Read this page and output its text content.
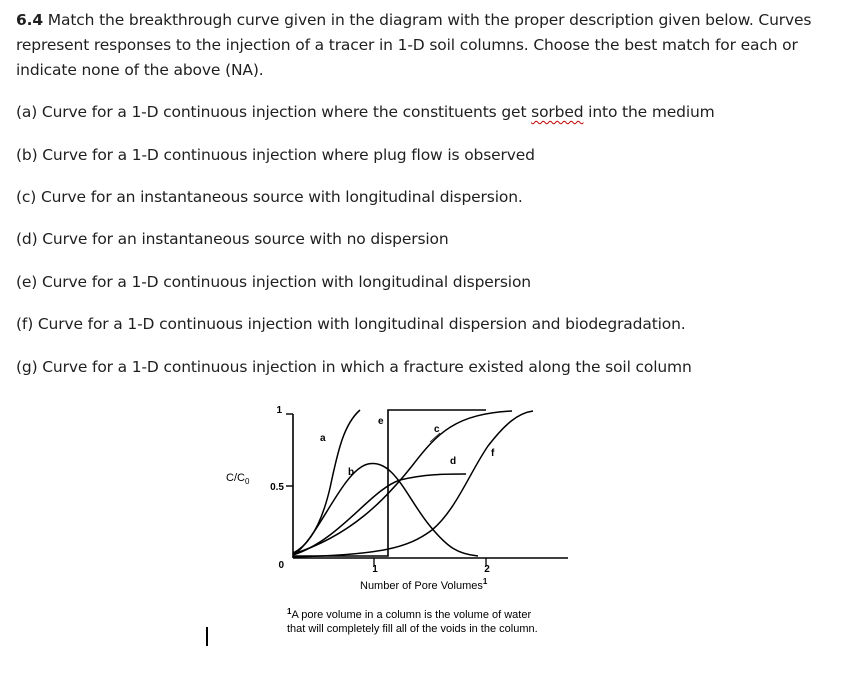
6.4 Match the breakthrough curve given in the diagram with the proper description given below. Curves represent responses to the injection of a tracer in 1-D soil columns. Choose the best match for each or indicate none of the above (NA).
(a) Curve for a 1-D continuous injection where the constituents get sorbed into the medium
(b) Curve for a 1-D continuous injection where plug flow is observed
(c) Curve for an instantaneous source with longitudinal dispersion.
(d) Curve for an instantaneous source with no dispersion
(e) Curve for a 1-D continuous injection with longitudinal dispersion
(f) Curve for a 1-D continuous injection with longitudinal dispersion and biodegradation.
(g) Curve for a 1-D continuous injection in which a fracture existed along the soil column
1
0.5
0
$C/C_0$
1	2
Number of Pore Volumes$^1$
a
b
c
d
e
f
$^1$A pore volume in a column is the volume of water
that will completely fill all of the voids in the column.
